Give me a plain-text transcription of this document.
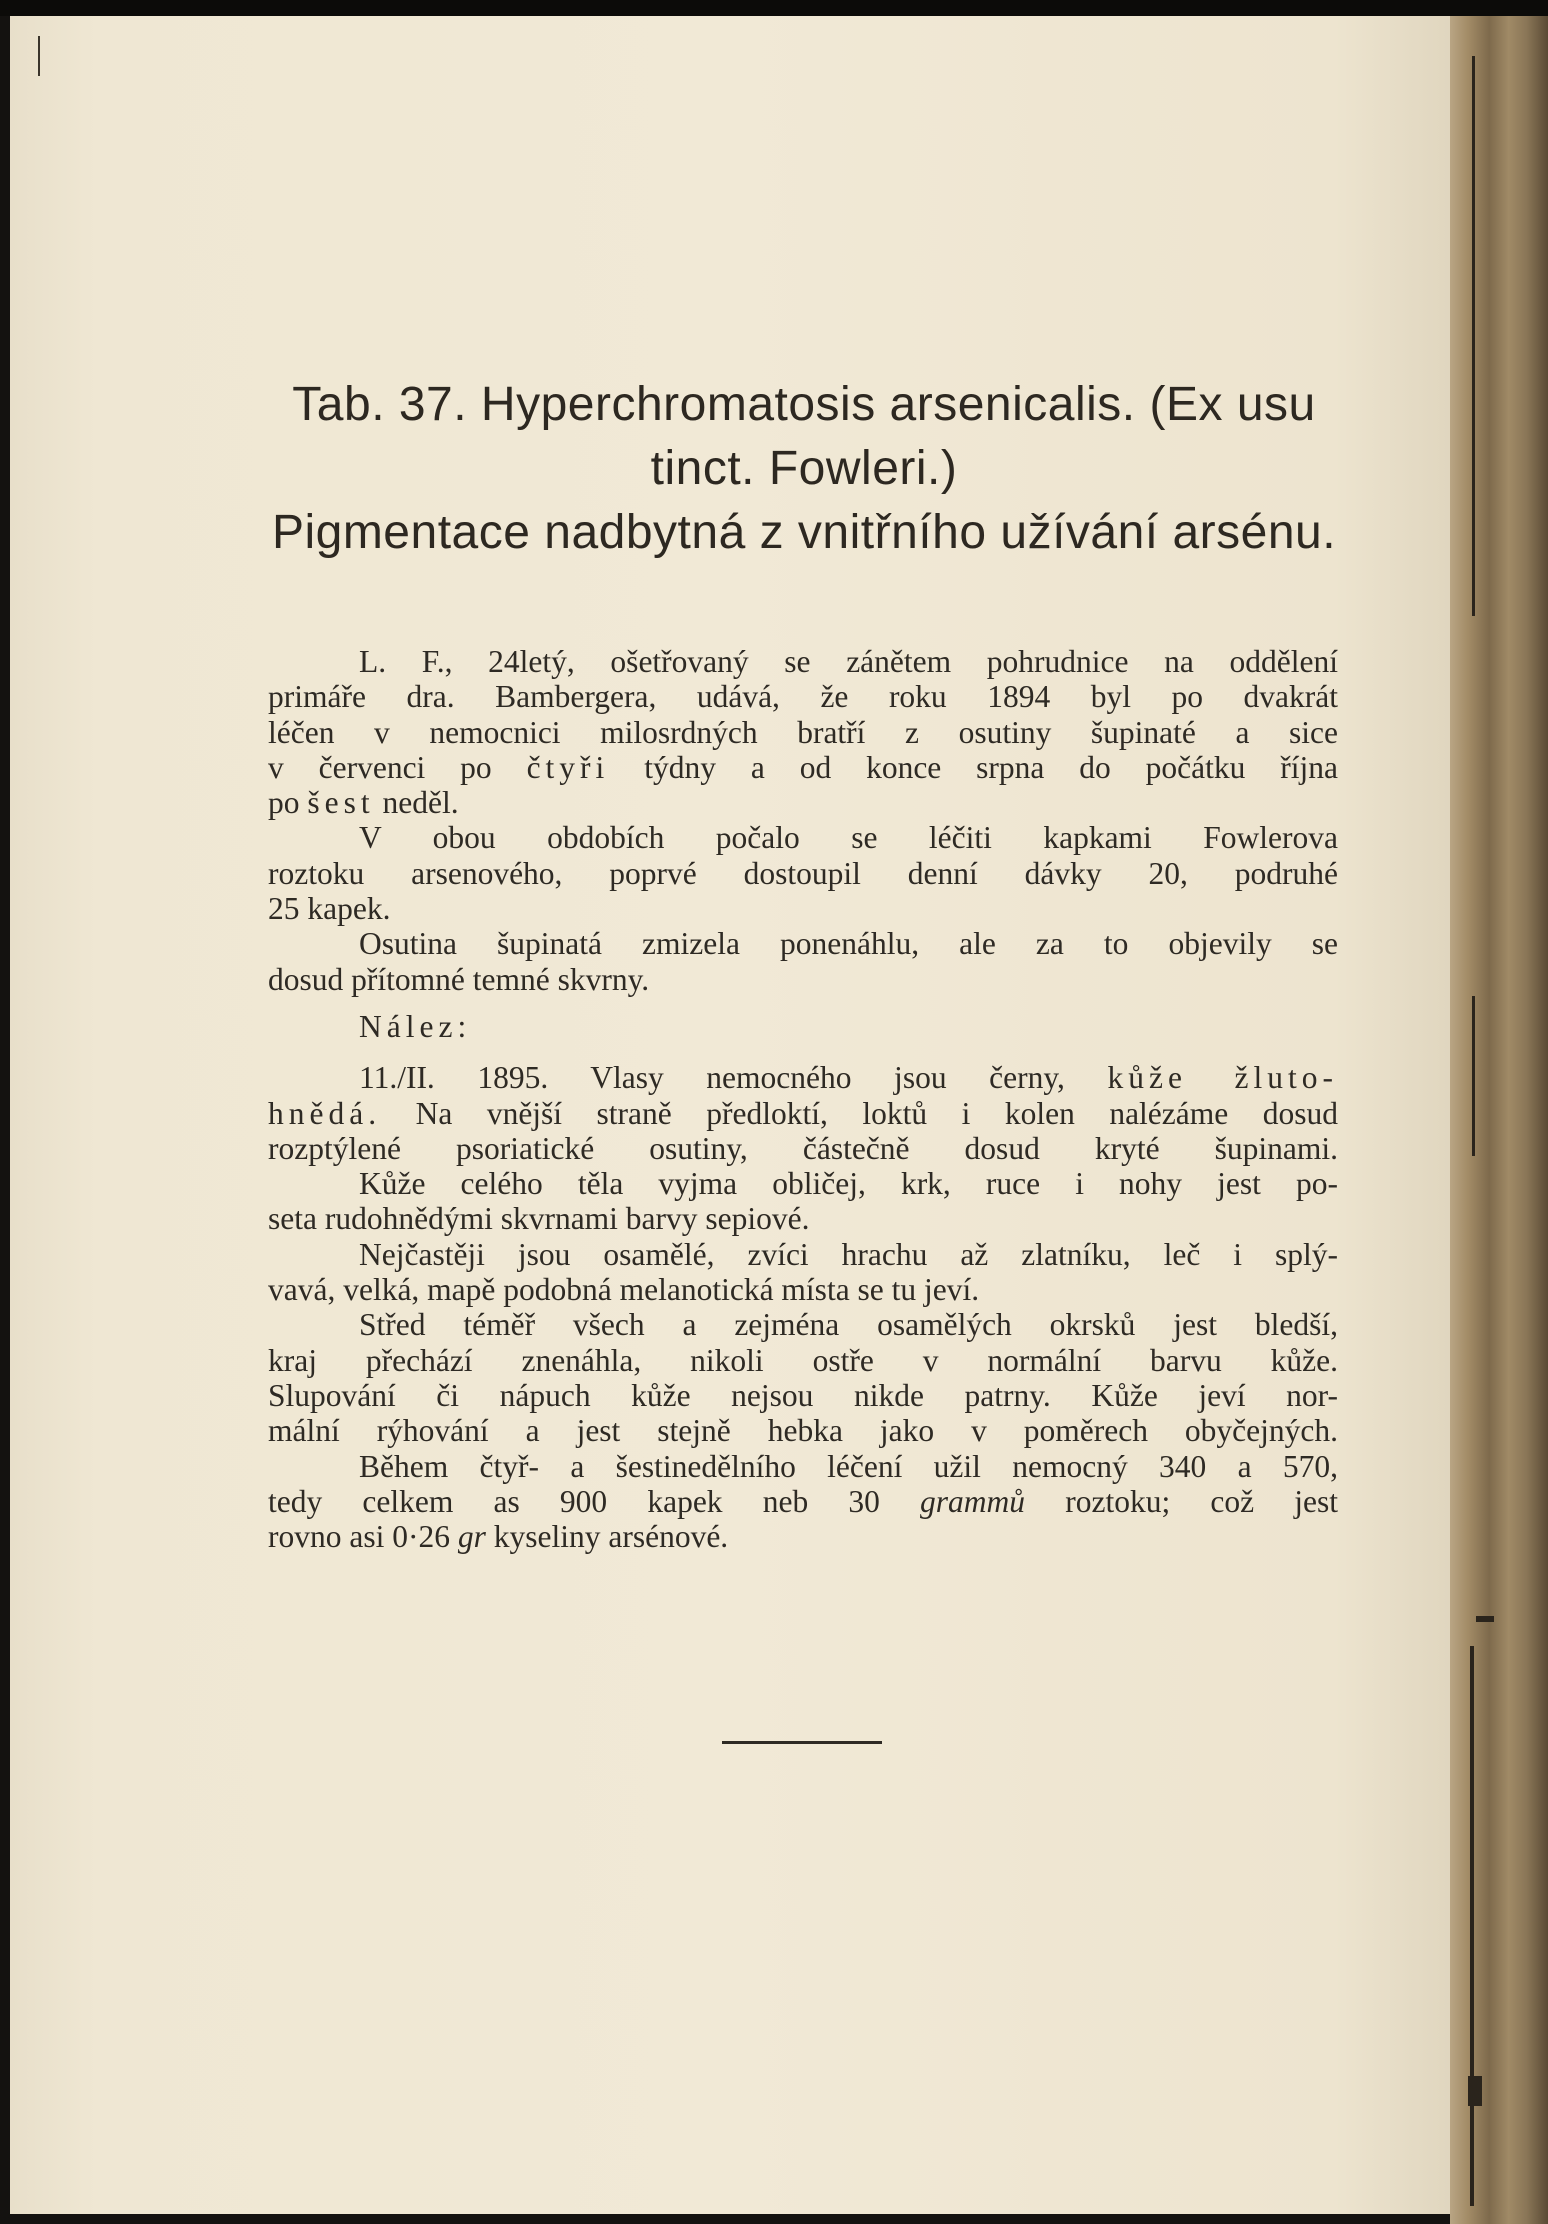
Tab. 37. Hyperchromatosis arsenicalis. (Ex usu
tinct. Fowleri.)
Pigmentace nadbytná z vnitřního užívání arsénu.
L. F., 24letý, ošetřovaný se zánětem pohrudnice na oddělení
primáře dra. Bambergera, udává, že roku 1894 byl po dvakrát
léčen v nemocnici milosrdných bratří z osutiny šupinaté a sice
v červenci po čtyři týdny a od konce srpna do počátku října
po šest neděl.
V obou obdobích počalo se léčiti kapkami Fowlerova
roztoku arsenového, poprvé dostoupil denní dávky 20, podruhé
25 kapek.
Osutina šupinatá zmizela ponenáhlu, ale za to objevily se
dosud přítomné temné skvrny.
Nález:
11./II. 1895. Vlasy nemocného jsou černy, kůže žluto-
hnědá. Na vnější straně předloktí, loktů i kolen nalézáme dosud
rozptýlené psoriatické osutiny, částečně dosud kryté šupinami.
Kůže celého těla vyjma obličej, krk, ruce i nohy jest po-
seta rudohnědými skvrnami barvy sepiové.
Nejčastěji jsou osamělé, zvíci hrachu až zlatníku, leč i splý-
vavá, velká, mapě podobná melanotická místa se tu jeví.
Střed téměř všech a zejména osamělých okrsků jest bledší,
kraj přechází znenáhla, nikoli ostře v normální barvu kůže.
Slupování či nápuch kůže nejsou nikde patrny. Kůže jeví nor-
mální rýhování a jest stejně hebka jako v poměrech obyčejných.
Během čtyř- a šestinedělního léčení užil nemocný 340 a 570,
tedy celkem as 900 kapek neb 30 grammů roztoku; což jest
rovno asi 0·26 gr kyseliny arsénové.
